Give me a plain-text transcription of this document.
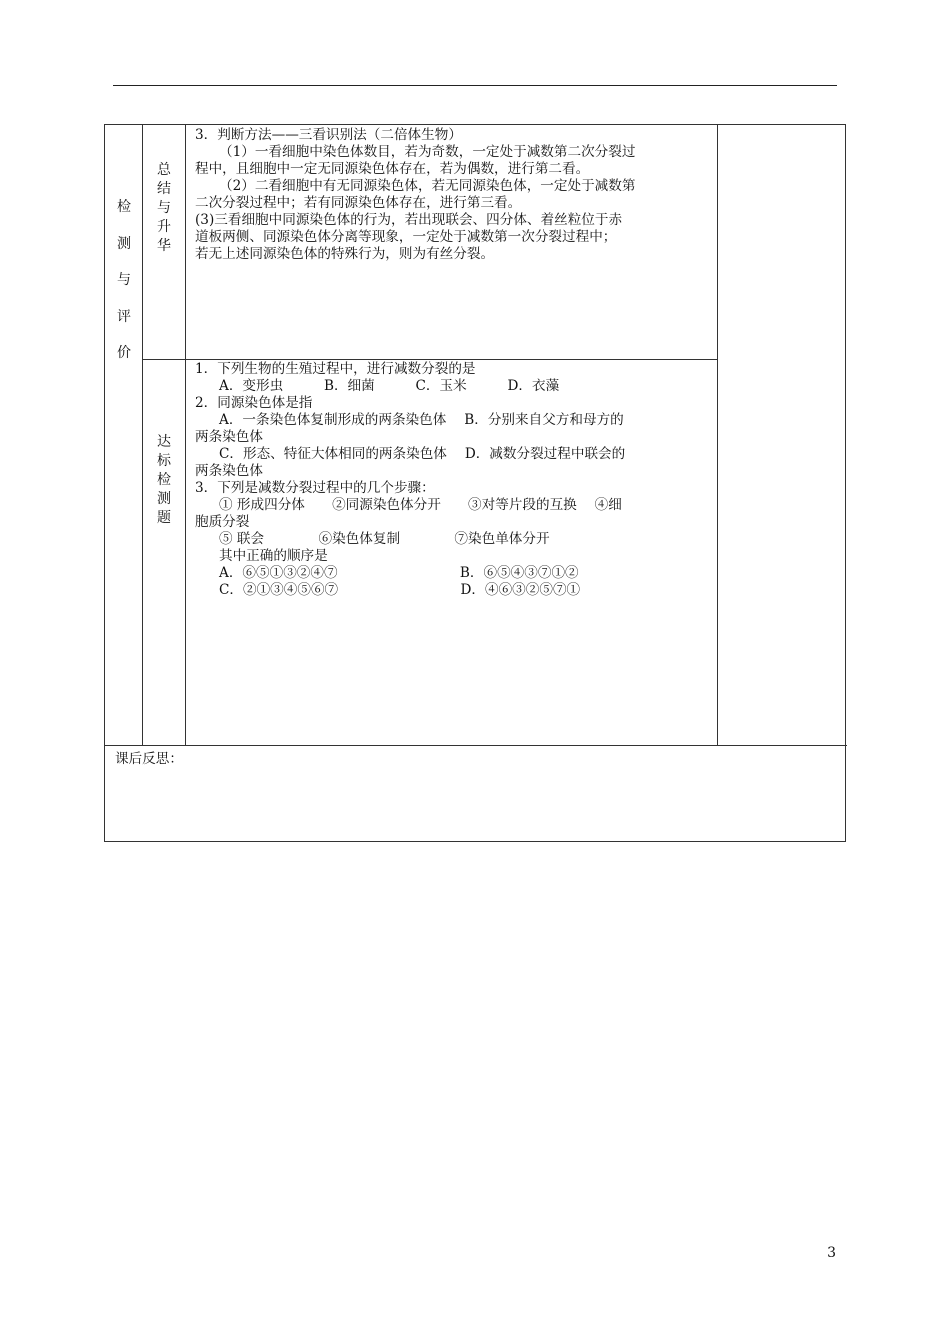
检
测
与
评
价
总
结
与
升
华
达
标
检
测
题

3．判断方法——三看识别法（二倍体生物）

（1）一看细胞中染色体数目，若为奇数，一定处于减数第二次分裂过

程中，且细胞中一定无同源染色体存在，若为偶数，进行第二看。

（2）二看细胞中有无同源染色体，若无同源染色体，一定处于减数第

二次分裂过程中；若有同源染色体存在，进行第三看。

(3)三看细胞中同源染色体的行为，若出现联会、四分体、着丝粒位于赤

道板两侧、同源染色体分离等现象，一定处于减数第一次分裂过程中；

若无上述同源染色体的特殊行为，则为有丝分裂。

1．下列生物的生殖过程中，进行减数分裂的是

A．变形虫　　　B．细菌　　　C．玉米　　　D．衣藻

2．同源染色体是指

A．一条染色体复制形成的两条染色体　 B．分别来自父方和母方的

两条染色体

C．形态、特征大体相同的两条染色体　 D．减数分裂过程中联会的

两条染色体

3．下列是减数分裂过程中的几个步骤：

① 形成四分体　　②同源染色体分开　　③对等片段的互换　 ④细

胞质分裂

⑤ 联会　　　　⑥染色体复制　　　　⑦染色单体分开

其中正确的顺序是

A．⑥⑤①③②④⑦　　　　　　　　　B．⑥⑤④③⑦①②

C．②①③④⑤⑥⑦　　　　　　　　　D．④⑥③②⑤⑦①

课后反思：
3
